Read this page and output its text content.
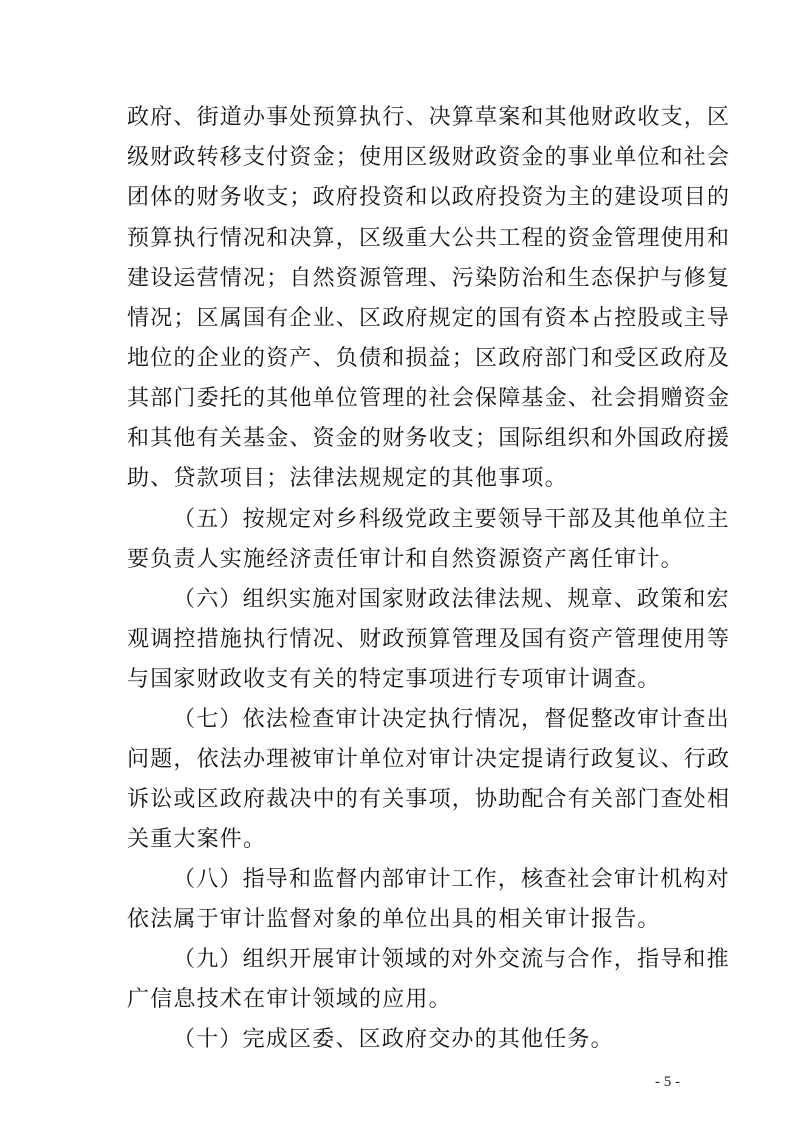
政府、街道办事处预算执行、决算草案和其他财政收支，区
级财政转移支付资金；使用区级财政资金的事业单位和社会
团体的财务收支；政府投资和以政府投资为主的建设项目的
预算执行情况和决算，区级重大公共工程的资金管理使用和
建设运营情况；自然资源管理、污染防治和生态保护与修复
情况；区属国有企业、区政府规定的国有资本占控股或主导
地位的企业的资产、负债和损益；区政府部门和受区政府及
其部门委托的其他单位管理的社会保障基金、社会捐赠资金
和其他有关基金、资金的财务收支；国际组织和外国政府援
助、贷款项目；法律法规规定的其他事项。
（五）按规定对乡科级党政主要领导干部及其他单位主
要负责人实施经济责任审计和自然资源资产离任审计。
（六）组织实施对国家财政法律法规、规章、政策和宏
观调控措施执行情况、财政预算管理及国有资产管理使用等
与国家财政收支有关的特定事项进行专项审计调查。
（七）依法检查审计决定执行情况，督促整改审计查出
问题，依法办理被审计单位对审计决定提请行政复议、行政
诉讼或区政府裁决中的有关事项，协助配合有关部门查处相
关重大案件。
（八）指导和监督内部审计工作，核查社会审计机构对
依法属于审计监督对象的单位出具的相关审计报告。
（九）组织开展审计领域的对外交流与合作，指导和推
广信息技术在审计领域的应用。
（十）完成区委、区政府交办的其他任务。
- 5 -
